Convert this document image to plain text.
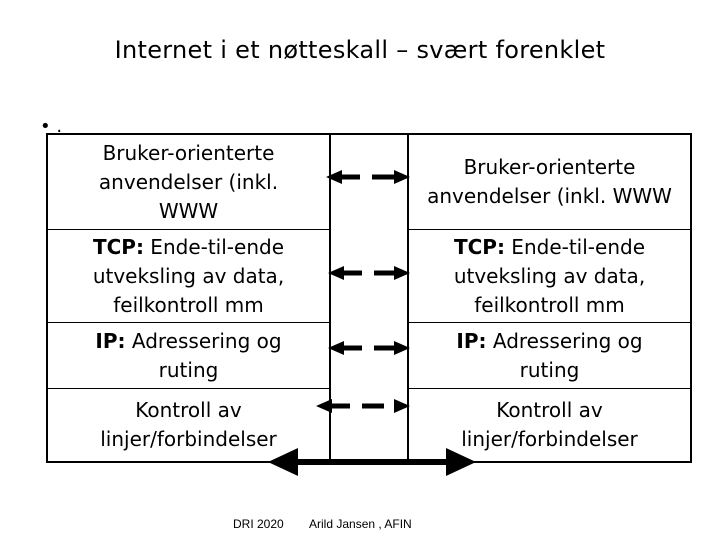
Internet i et nøtteskall – svært forenklet
• .
Bruker-orienterte
anvendelser (inkl.
WWW
TCP: Ende-til-ende
utveksling av data,
feilkontroll mm
IP: Adressering og
ruting
Kontroll av
linjer/forbindelser
Bruker-orienterte
anvendelser (inkl. WWW
TCP: Ende-til-ende
utveksling av data,
feilkontroll mm
IP: Adressering og
ruting
Kontroll av
linjer/forbindelser
DRI 2020 Arild Jansen , AFIN
